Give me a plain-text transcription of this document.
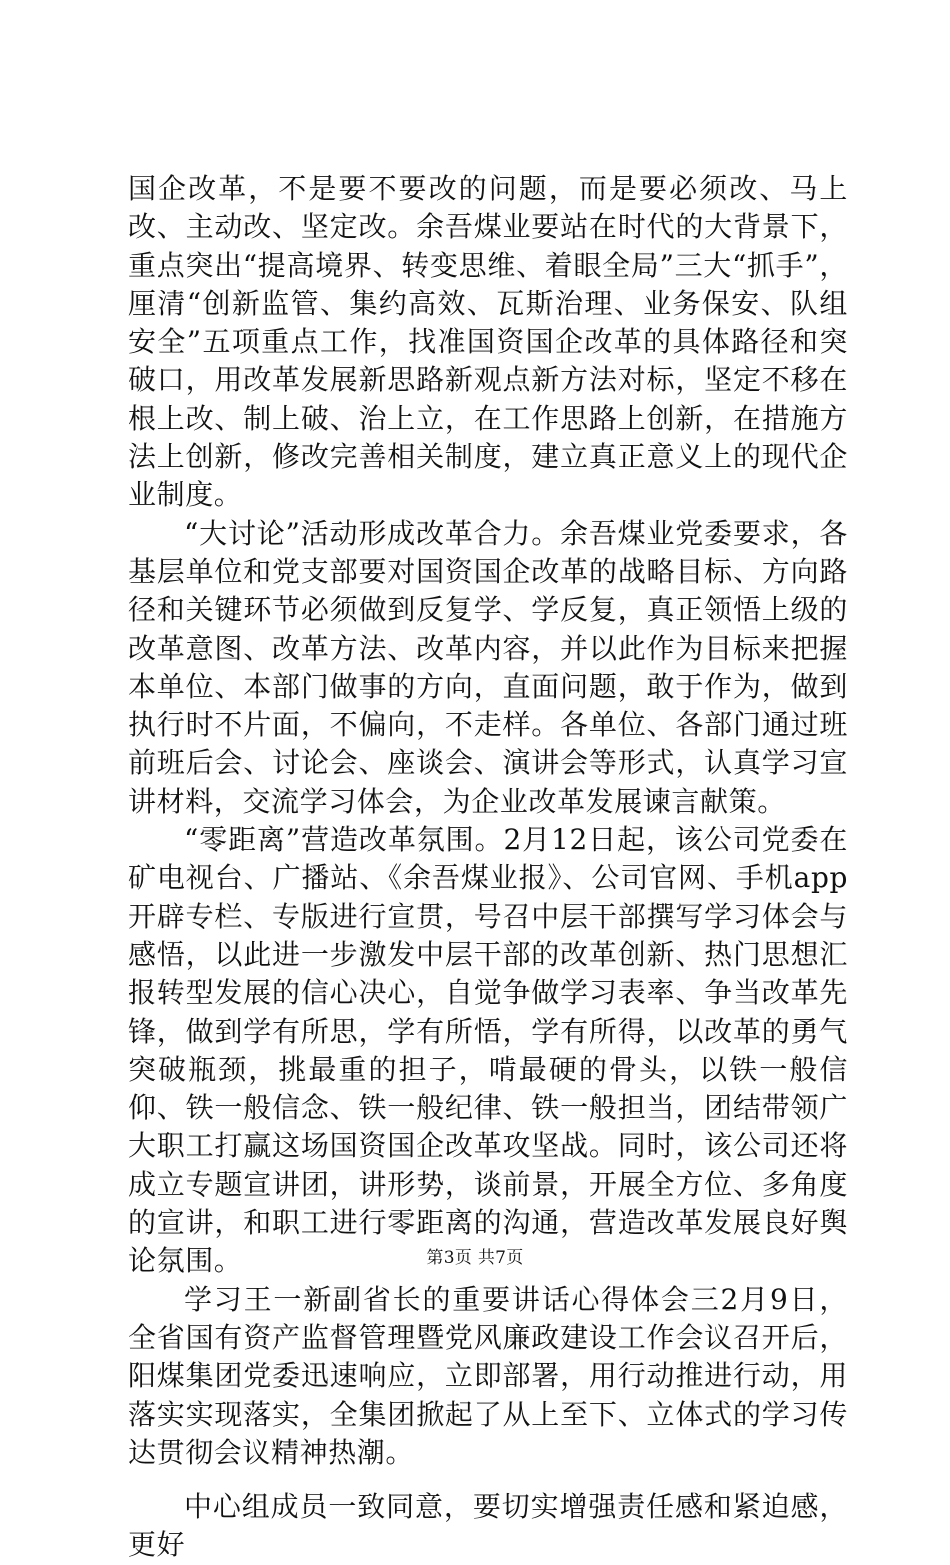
国企改革，不是要不要改的问题，而是要必须改、马上改、主动改、坚定改。余吾煤业要站在时代的大背景下，重点突出“提高境界、转变思维、着眼全局”三大“抓手”，厘清“创新监管、集约高效、瓦斯治理、业务保安、队组安全”五项重点工作，找准国资国企改革的具体路径和突破口，用改革发展新思路新观点新方法对标，坚定不移在根上改、制上破、治上立，在工作思路上创新，在措施方法上创新，修改完善相关制度，建立真正意义上的现代企业制度。

“大讨论”活动形成改革合力。余吾煤业党委要求，各基层单位和党支部要对国资国企改革的战略目标、方向路径和关键环节必须做到反复学、学反复，真正领悟上级的改革意图、改革方法、改革内容，并以此作为目标来把握本单位、本部门做事的方向，直面问题，敢于作为，做到执行时不片面，不偏向，不走样。各单位、各部门通过班前班后会、讨论会、座谈会、演讲会等形式，认真学习宣讲材料，交流学习体会，为企业改革发展谏言献策。

“零距离”营造改革氛围。2月12日起，该公司党委在矿电视台、广播站、《余吾煤业报》、公司官网、手机app开辟专栏、专版进行宣贯，号召中层干部撰写学习体会与感悟，以此进一步激发中层干部的改革创新、热门思想汇报转型发展的信心决心，自觉争做学习表率、争当改革先锋，做到学有所思，学有所悟，学有所得，以改革的勇气突破瓶颈，挑最重的担子，啃最硬的骨头，以铁一般信仰、铁一般信念、铁一般纪律、铁一般担当，团结带领广大职工打赢这场国资国企改革攻坚战。同时，该公司还将成立专题宣讲团，讲形势，谈前景，开展全方位、多角度的宣讲，和职工进行零距离的沟通，营造改革发展良好舆论氛围。

学习王一新副省长的重要讲话心得体会三2月9日，全省国有资产监督管理暨党风廉政建设工作会议召开后，阳煤集团党委迅速响应，立即部署，用行动推进行动，用落实实现落实，全集团掀起了从上至下、立体式的学习传达贯彻会议精神热潮。

中心组成员一致同意，要切实增强责任感和紧迫感，更好

第3页 共7页
